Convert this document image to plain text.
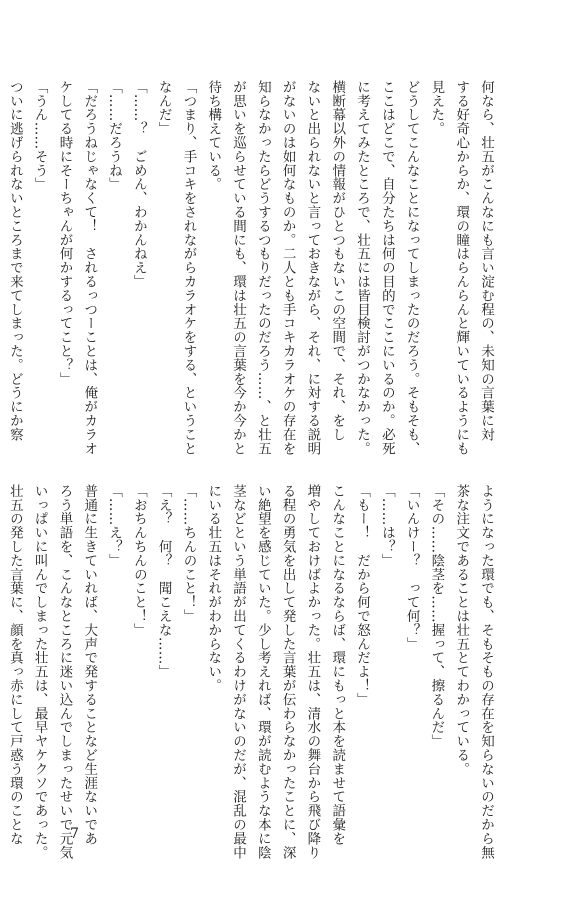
何なら、壮五がこんなにも言い淀む程の、未知の言葉に対
する好奇心からか、環の瞳はらんらんと輝いているようにも
見えた。
どうしてこんなことになってしまったのだろう。そもそも、
ここはどこで、自分たちは何の目的でここにいるのか。必死
に考えてみたところで、壮五には皆目検討がつかなかった。
横断幕以外の情報がひとつもないこの空間で、それ、をし
ないと出られないと言っておきながら、それ、に対する説明
がないのは如何なものか。二人とも手コキカラオケの存在を
知らなかったらどうするつもりだったのだろう……、と壮五
が思いを巡らせている間にも、環は壮五の言葉を今か今かと
待ち構えている。
「つまり、手コキをされながらカラオケをする、ということ
なんだ」
「……？　ごめん、わかんねえ」
「……だろうね」
「だろうねじゃなくて！　されるっつーことは、俺がカラオ
ケしてる時にそーちゃんが何かするってこと？」
「うん……そう」
ついに逃げられないところまで来てしまった。どうにか察
ようになった環でも、そもそもの存在を知らないのだから無
茶な注文であることは壮五とてわかっている。
「その……陰茎を……握って、擦るんだ」
「いんけー？　って何？」
「……は？」
「もー！　だから何で怒んだよ！」
こんなことになるならば、環にもっと本を読ませて語彙を
増やしておけばよかった。壮五は、清水の舞台から飛び降り
る程の勇気を出して発した言葉が伝わらなかったことに、深
い絶望を感じていた。少し考えれば、環が読むような本に陰
茎などという単語が出てくるわけがないのだが、混乱の最中
にいる壮五はそれがわからない。
「……ちんのこと！」
「え？　何？　聞こえな……」
「おちんちんのこと！」
「……え？」
普通に生きていれば、大声で発することなど生涯ないであ
ろう単語を、こんなところに迷い込んでしまったせいで元気
いっぱいに叫んでしまった壮五は、最早ヤケクソであった。
壮五の発した言葉に、顔を真っ赤にして戸惑う環のことな	7
